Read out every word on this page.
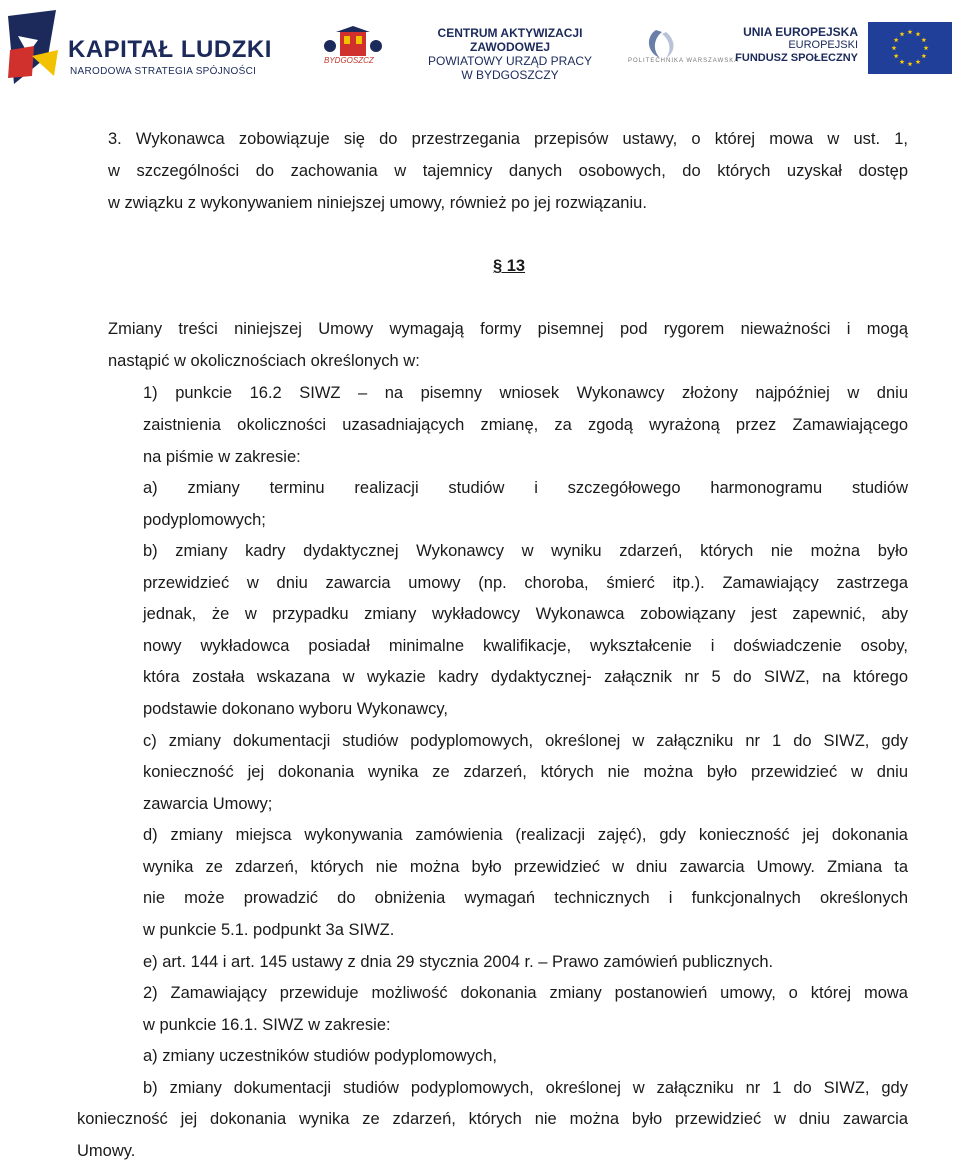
KAPITAŁ LUDZKI
NARODOWA STRATEGIA SPÓJNOŚCI
BYDGOSZCZ
CENTRUM AKTYWIZACJI ZAWODOWEJ
POWIATOWY URZĄD PRACY
W BYDGOSZCZY
POLITECHNIKA WARSZAWSKA
UNIA EUROPEJSKA
EUROPEJSKI
FUNDUSZ SPOŁECZNY
3. Wykonawca zobowiązuje się do przestrzegania przepisów ustawy, o której mowa w ust. 1,
w szczególności do zachowania w tajemnicy danych osobowych, do których uzyskał dostęp
w związku z wykonywaniem niniejszej umowy, również po jej rozwiązaniu.
§ 13
Zmiany treści niniejszej Umowy wymagają formy pisemnej pod rygorem nieważności i mogą
nastąpić w okolicznościach określonych w:
1) punkcie 16.2 SIWZ – na pisemny wniosek Wykonawcy złożony najpóźniej w dniu
zaistnienia okoliczności uzasadniających zmianę, za zgodą wyrażoną przez Zamawiającego
na piśmie w zakresie:
a) zmiany terminu realizacji studiów i szczegółowego harmonogramu studiów
podyplomowych;
b) zmiany kadry dydaktycznej Wykonawcy w wyniku zdarzeń, których nie można było
przewidzieć w dniu zawarcia umowy (np. choroba, śmierć itp.). Zamawiający zastrzega
jednak, że w przypadku zmiany wykładowcy Wykonawca zobowiązany jest zapewnić, aby
nowy wykładowca posiadał minimalne kwalifikacje, wykształcenie i doświadczenie osoby,
która została wskazana w wykazie kadry dydaktycznej- załącznik nr 5 do SIWZ, na którego
podstawie dokonano wyboru Wykonawcy,
c) zmiany dokumentacji studiów podyplomowych, określonej w załączniku nr 1 do SIWZ, gdy
konieczność jej dokonania wynika ze zdarzeń, których nie można było przewidzieć w dniu
zawarcia Umowy;
d) zmiany miejsca wykonywania zamówienia (realizacji zajęć), gdy konieczność jej dokonania
wynika ze zdarzeń, których nie można było przewidzieć w dniu zawarcia Umowy. Zmiana ta
nie może prowadzić do obniżenia wymagań technicznych i funkcjonalnych określonych
w punkcie 5.1. podpunkt 3a SIWZ.
e) art. 144 i art. 145 ustawy z dnia 29 stycznia 2004 r. – Prawo zamówień publicznych.
2) Zamawiający przewiduje możliwość dokonania zmiany postanowień umowy, o której mowa
w punkcie 16.1. SIWZ w zakresie:
a) zmiany uczestników studiów podyplomowych,
b) zmiany dokumentacji studiów podyplomowych, określonej w załączniku nr 1 do SIWZ, gdy
konieczność jej dokonania wynika ze zdarzeń, których nie można było przewidzieć w dniu zawarcia
Umowy.
